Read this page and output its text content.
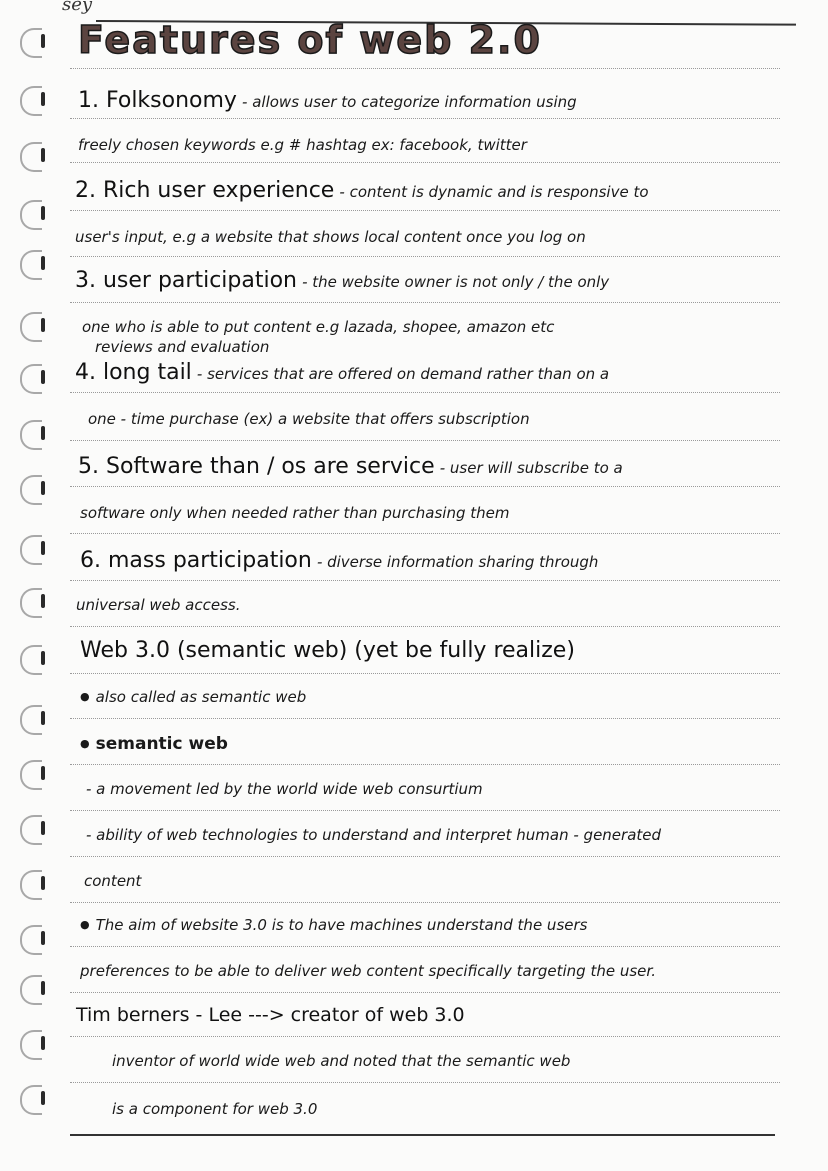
sey
Features of web 2.0
1. Folksonomy - allows user to categorize information using
freely chosen keywords e.g # hashtag ex: facebook, twitter
2. Rich user experience - content is dynamic and is responsive to
user's input, e.g a website that shows local content once you log on
3. user participation - the website owner is not only / the only
one who is able to put content e.g lazada, shopee, amazon etc
reviews and evaluation
4. long tail - services that are offered on demand rather than on a
one - time purchase (ex) a website that offers subscription
5. Software than / os are service - user will subscribe to a
software only when needed rather than purchasing them
6. mass participation - diverse information sharing through
universal web access.
Web 3.0 (semantic web) (yet be fully realize)
● also called as semantic web
● semantic web
- a movement led by the world wide web consurtium
- ability of web technologies to understand and interpret human - generated
content
● The aim of website 3.0 is to have machines understand the users
preferences to be able to deliver web content specifically targeting the user.
Tim berners - Lee ---> creator of web 3.0
inventor of world wide web and noted that the semantic web
is a component for web 3.0
